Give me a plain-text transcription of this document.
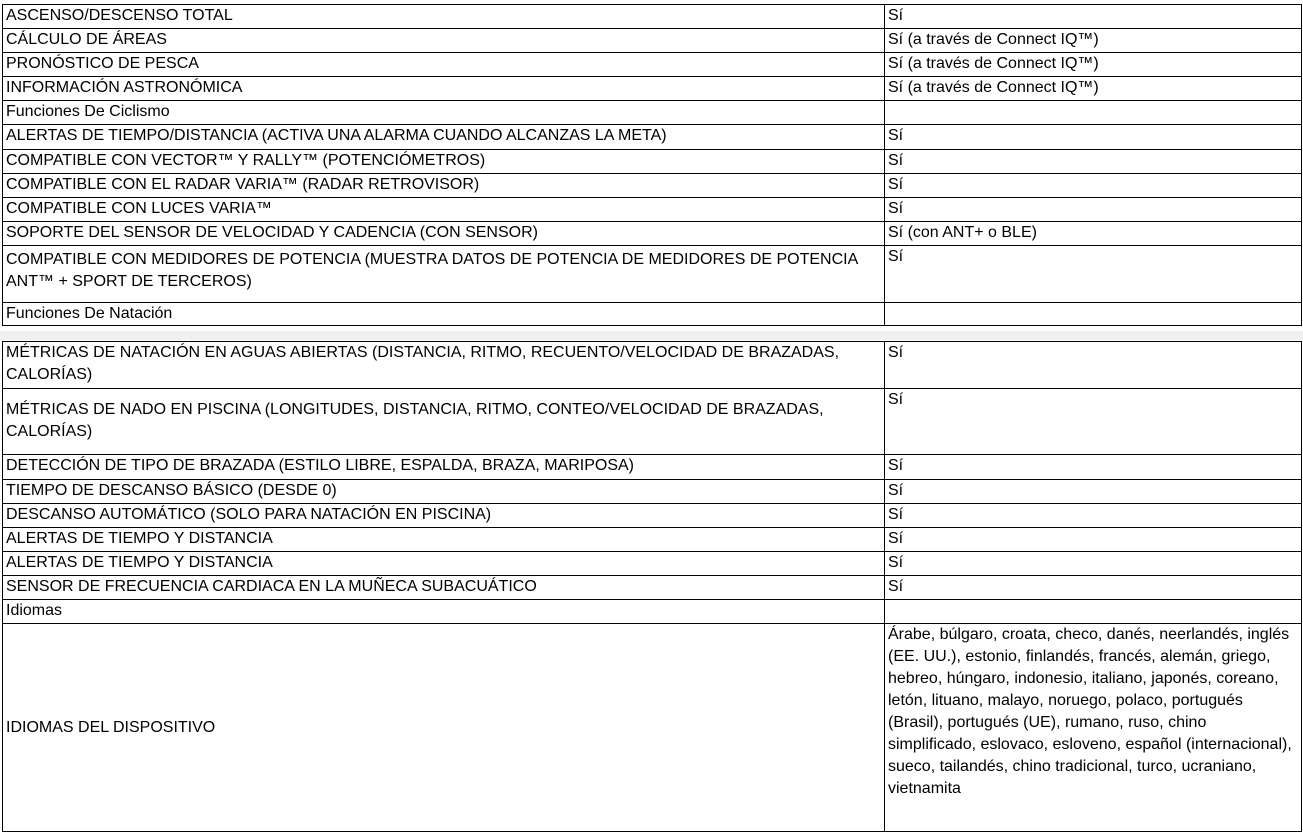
ASCENSO/DESCENSO TOTAL	Sí
CÁLCULO DE ÁREAS	Sí (a través de Connect IQ™)
PRONÓSTICO DE PESCA	Sí (a través de Connect IQ™)
INFORMACIÓN ASTRONÓMICA	Sí (a través de Connect IQ™)
Funciones De Ciclismo	
ALERTAS DE TIEMPO/DISTANCIA (ACTIVA UNA ALARMA CUANDO ALCANZAS LA META)	Sí
COMPATIBLE CON VECTOR™ Y RALLY™ (POTENCIÓMETROS)	Sí
COMPATIBLE CON EL RADAR VARIA™ (RADAR RETROVISOR)	Sí
COMPATIBLE CON LUCES VARIA™	Sí
SOPORTE DEL SENSOR DE VELOCIDAD Y CADENCIA (CON SENSOR)	Sí (con ANT+ o BLE)
COMPATIBLE CON MEDIDORES DE POTENCIA (MUESTRA DATOS DE POTENCIA DE MEDIDORES DE POTENCIA ANT™ + SPORT DE TERCEROS)	Sí
Funciones De Natación	
MÉTRICAS DE NATACIÓN EN AGUAS ABIERTAS (DISTANCIA, RITMO, RECUENTO/VELOCIDAD DE BRAZADAS, CALORÍAS)	Sí
MÉTRICAS DE NADO EN PISCINA (LONGITUDES, DISTANCIA, RITMO, CONTEO/VELOCIDAD DE BRAZADAS, CALORÍAS)	Sí
DETECCIÓN DE TIPO DE BRAZADA (ESTILO LIBRE, ESPALDA, BRAZA, MARIPOSA)	Sí
TIEMPO DE DESCANSO BÁSICO (DESDE 0)	Sí
DESCANSO AUTOMÁTICO (SOLO PARA NATACIÓN EN PISCINA)	Sí
ALERTAS DE TIEMPO Y DISTANCIA	Sí
ALERTAS DE TIEMPO Y DISTANCIA	Sí
SENSOR DE FRECUENCIA CARDIACA EN LA MUÑECA SUBACUÁTICO	Sí
Idiomas	
IDIOMAS DEL DISPOSITIVO	Árabe, búlgaro, croata, checo, danés, neerlandés, inglés (EE. UU.), estonio, finlandés, francés, alemán, griego, hebreo, húngaro, indonesio, italiano, japonés, coreano, letón, lituano, malayo, noruego, polaco, portugués (Brasil), portugués (UE), rumano, ruso, chino simplificado, eslovaco, esloveno, español (internacional), sueco, tailandés, chino tradicional, turco, ucraniano, vietnamita
